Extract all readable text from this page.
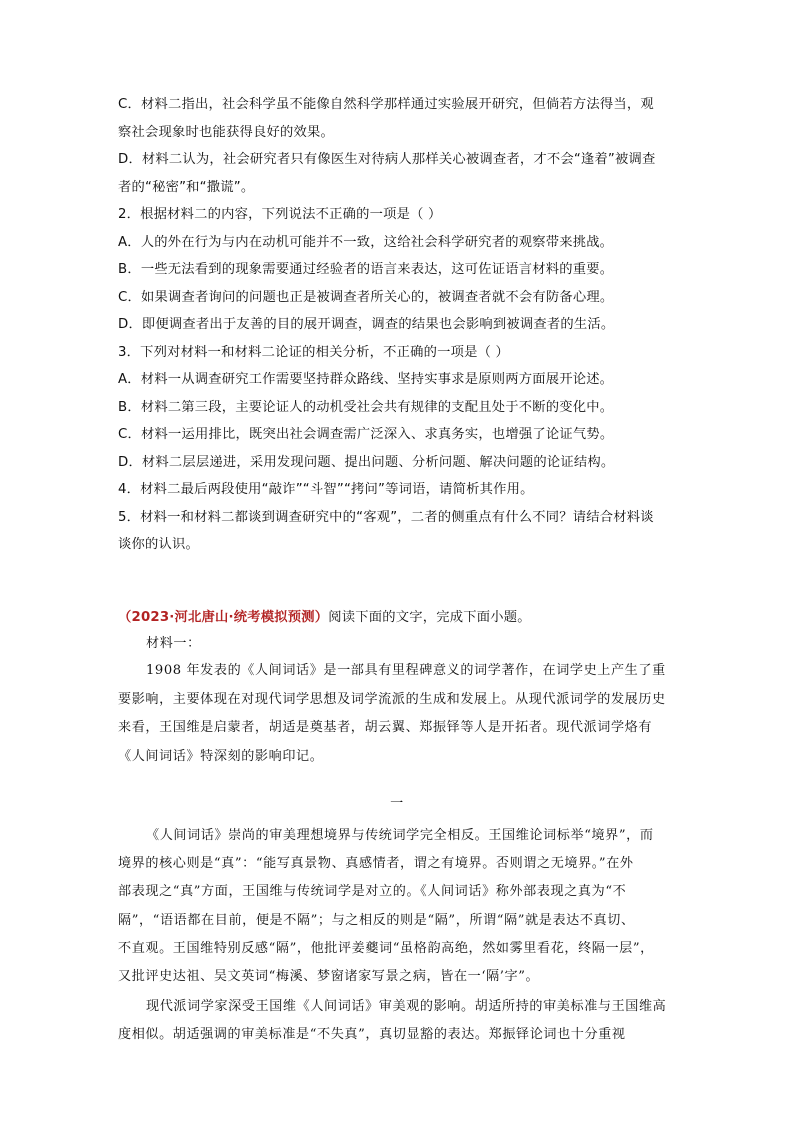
C．材料二指出，社会科学虽不能像自然科学那样通过实验展开研究，但倘若方法得当，观
察社会现象时也能获得良好的效果。
D．材料二认为，社会研究者只有像医生对待病人那样关心被调查者，才不会“逢着”被调查
者的“秘密”和“撒谎”。
2．根据材料二的内容，下列说法不正确的一项是（ ）
A．人的外在行为与内在动机可能并不一致，这给社会科学研究者的观察带来挑战。
B．一些无法看到的现象需要通过经验者的语言来表达，这可佐证语言材料的重要。
C．如果调查者询问的问题也正是被调查者所关心的，被调查者就不会有防备心理。
D．即便调查者出于友善的目的展开调查，调查的结果也会影响到被调查者的生活。
3．下列对材料一和材料二论证的相关分析，不正确的一项是（ ）
A．材料一从调查研究工作需要坚持群众路线、坚持实事求是原则两方面展开论述。
B．材料二第三段，主要论证人的动机受社会共有规律的支配且处于不断的变化中。
C．材料一运用排比，既突出社会调查需广泛深入、求真务实，也增强了论证气势。
D．材料二层层递进，采用发现问题、提出问题、分析问题、解决问题的论证结构。
4．材料二最后两段使用“敲诈”“斗智”“拷问”等词语，请简析其作用。
5．材料一和材料二都谈到调查研究中的“客观”，二者的侧重点有什么不同？请结合材料谈
谈你的认识。
（2023·河北唐山·统考模拟预测）阅读下面的文字，完成下面小题。
材料一：
1908 年发表的《人间词话》是一部具有里程碑意义的词学著作，在词学史上产生了重
要影响，主要体现在对现代词学思想及词学流派的生成和发展上。从现代派词学的发展历史
来看，王国维是启蒙者，胡适是奠基者，胡云翼、郑振铎等人是开拓者。现代派词学烙有
《人间词话》特深刻的影响印记。
一
《人间词话》崇尚的审美理想境界与传统词学完全相反。王国维论词标举“境界”，而
境界的核心则是“真”：“能写真景物、真感情者，谓之有境界。否则谓之无境界。”在外
部表现之“真”方面，王国维与传统词学是对立的。《人间词话》称外部表现之真为“不
隔”，“语语都在目前，便是不隔”；与之相反的则是“隔”，所谓“隔”就是表达不真切、
不直观。王国维特别反感“隔”，他批评姜夔词“虽格韵高绝，然如雾里看花，终隔一层”，
又批评史达祖、吴文英词“梅溪、梦窗诸家写景之病，皆在一‘隔’字”。
现代派词学家深受王国维《人间词话》审美观的影响。胡适所持的审美标准与王国维高
度相似。胡适强调的审美标准是“不失真”，真切显豁的表达。郑振铎论词也十分重视
